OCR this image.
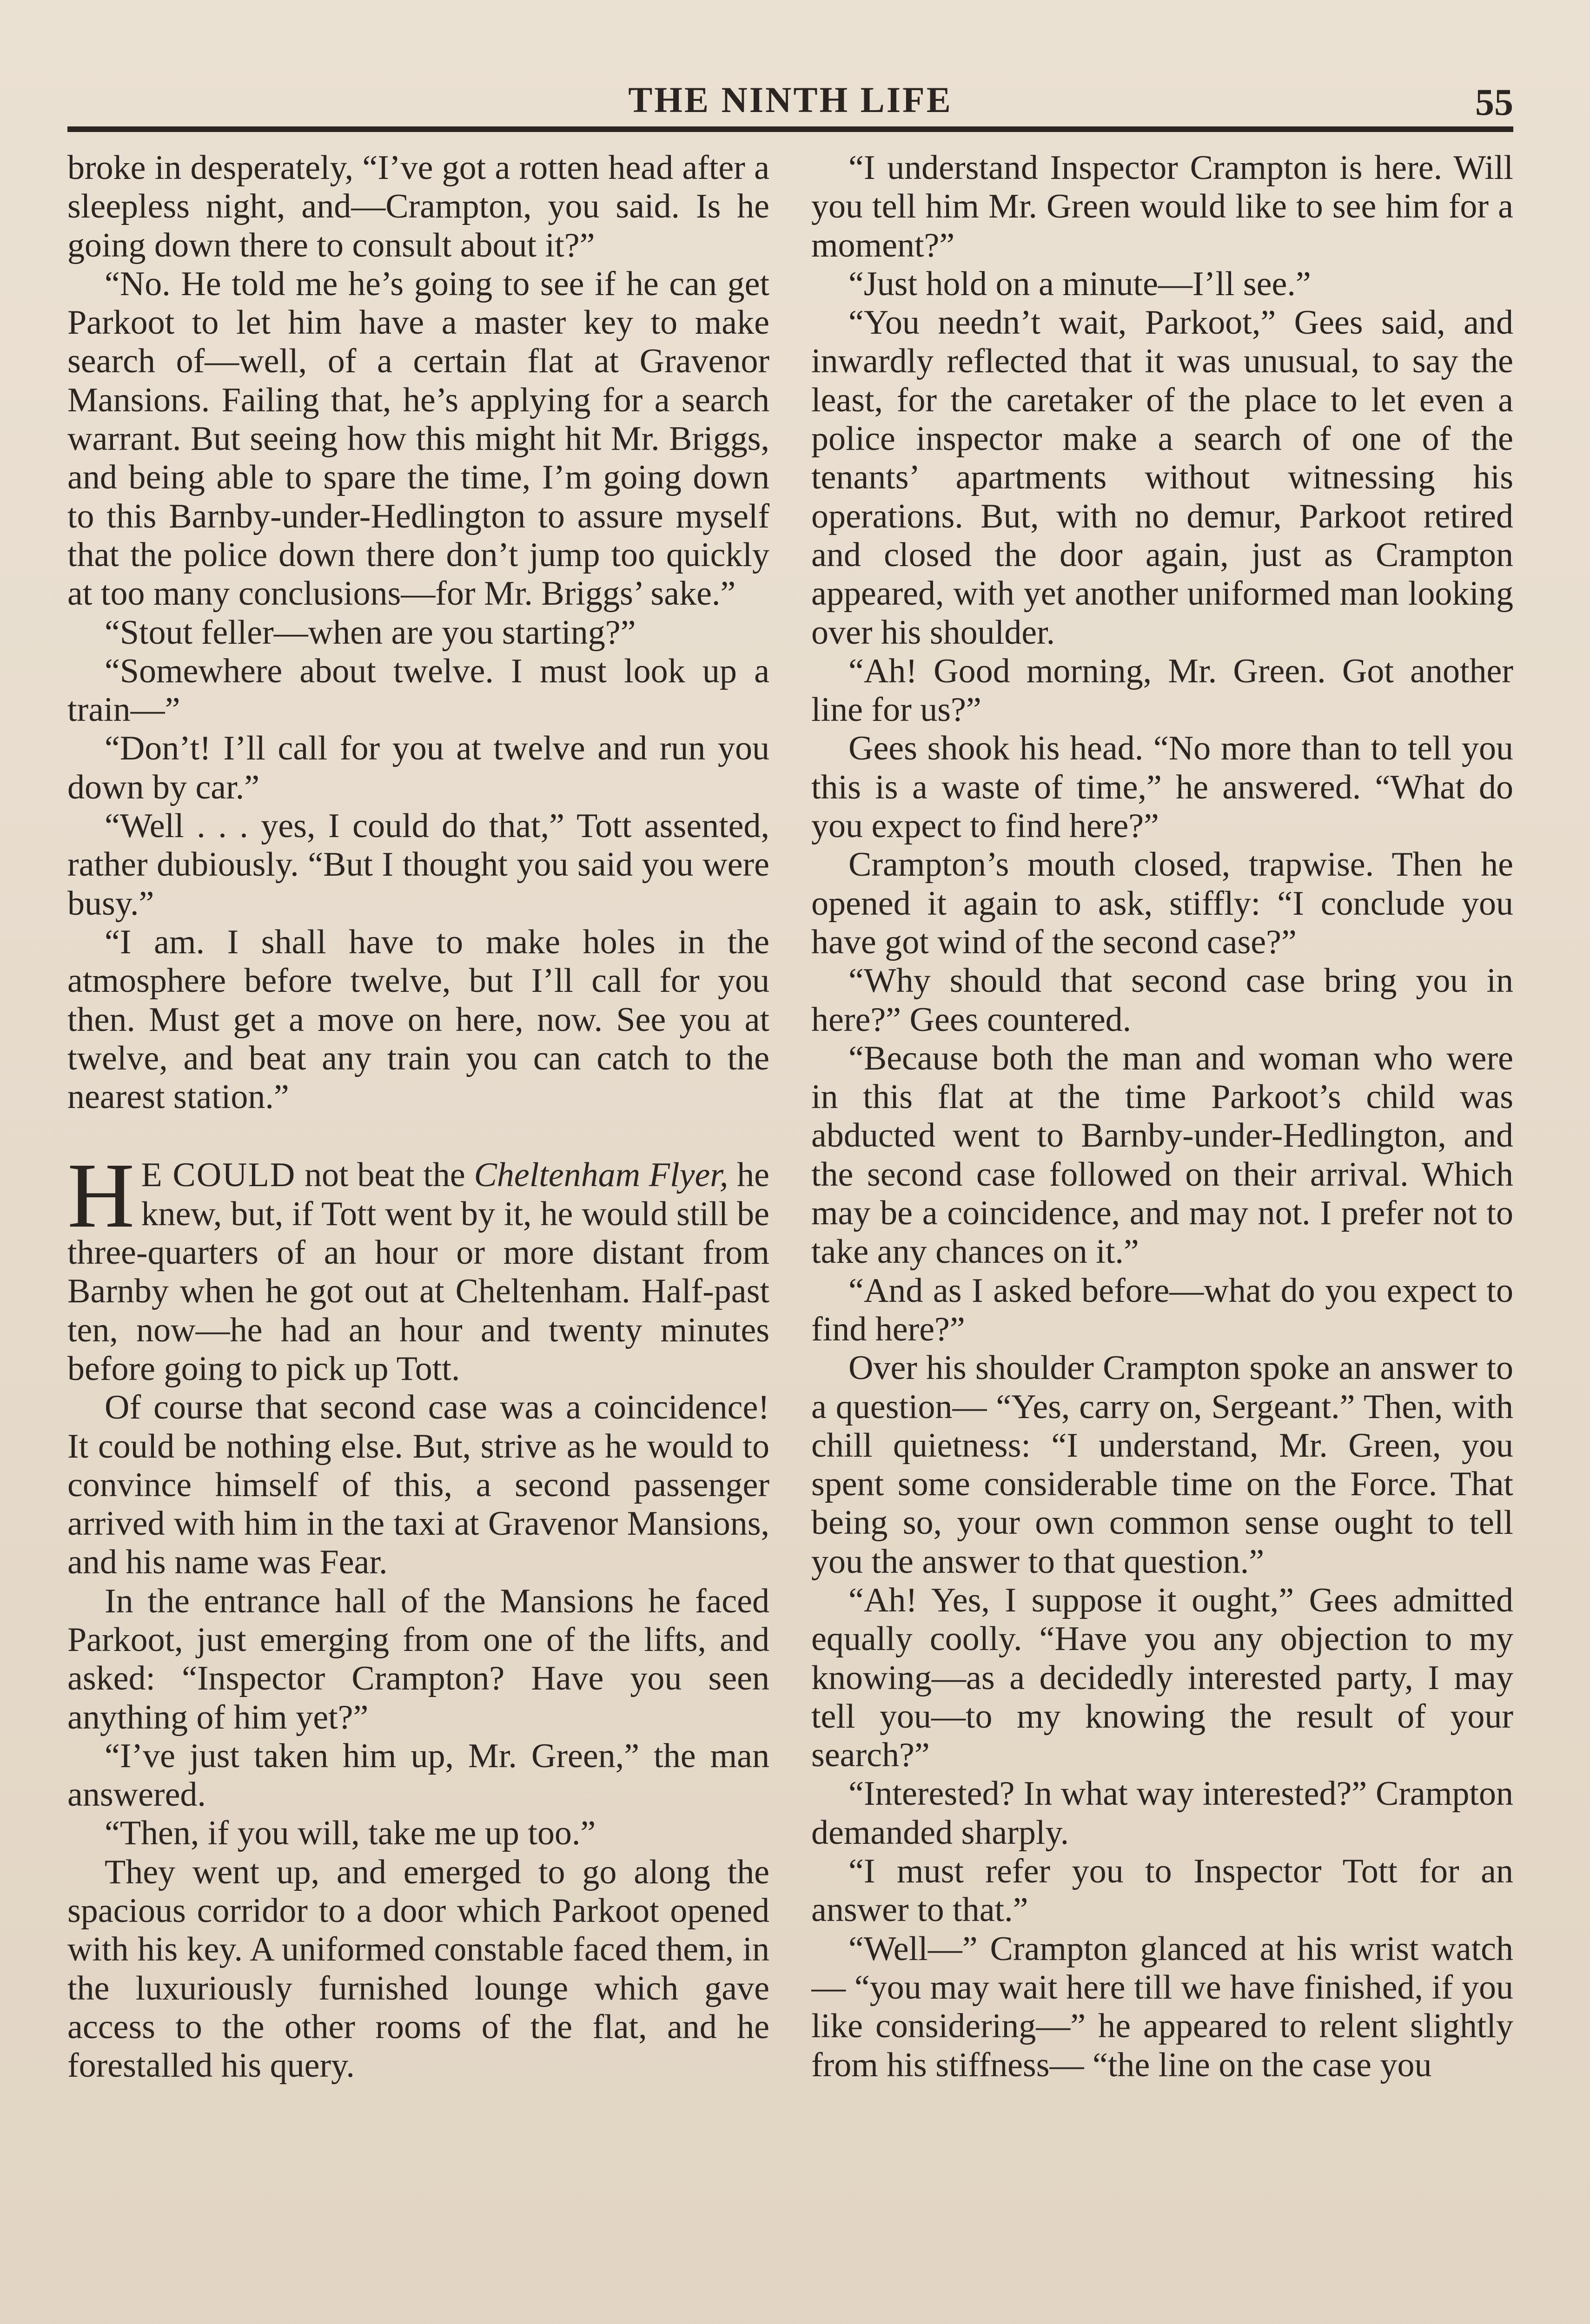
THE NINTH LIFE	55

broke in desperately, “I’ve got a rotten head after a sleepless night, and—Crampton, you said. Is he going down there to consult about it?”

“No. He told me he’s going to see if he can get Parkoot to let him have a master key to make search of—well, of a certain flat at Gravenor Mansions. Failing that, he’s applying for a search warrant. But seeing how this might hit Mr. Briggs, and being able to spare the time, I’m going down to this Barnby-under-Hedlington to assure myself that the police down there don’t jump too quickly at too many conclusions—for Mr. Briggs’ sake.”

“Stout feller—when are you starting?”

“Somewhere about twelve. I must look up a train—”

“Don’t! I’ll call for you at twelve and run you down by car.”

“Well . . . yes, I could do that,” Tott assented, rather dubiously. “But I thought you said you were busy.”

“I am. I shall have to make holes in the atmosphere before twelve, but I’ll call for you then. Must get a move on here, now. See you at twelve, and beat any train you can catch to the nearest station.”

H E COULD not beat the Cheltenham Flyer, he knew, but, if Tott went by it, he would still be three-quarters of an hour or more distant from Barnby when he got out at Cheltenham. Half-past ten, now—he had an hour and twenty minutes before going to pick up Tott.

Of course that second case was a coincidence! It could be nothing else. But, strive as he would to convince himself of this, a second passenger arrived with him in the taxi at Gravenor Mansions, and his name was Fear.

In the entrance hall of the Mansions he faced Parkoot, just emerging from one of the lifts, and asked: “Inspector Crampton? Have you seen anything of him yet?”

“I’ve just taken him up, Mr. Green,” the man answered.

“Then, if you will, take me up too.”

They went up, and emerged to go along the spacious corridor to a door which Parkoot opened with his key. A uniformed constable faced them, in the luxuriously furnished lounge which gave access to the other rooms of the flat, and he forestalled his query.

“I understand Inspector Crampton is here. Will you tell him Mr. Green would like to see him for a moment?”

“Just hold on a minute—I’ll see.”

“You needn’t wait, Parkoot,” Gees said, and inwardly reflected that it was unusual, to say the least, for the caretaker of the place to let even a police inspector make a search of one of the tenants’ apartments without witnessing his operations. But, with no demur, Parkoot retired and closed the door again, just as Crampton appeared, with yet another uniformed man looking over his shoulder.

“Ah! Good morning, Mr. Green. Got another line for us?”

Gees shook his head. “No more than to tell you this is a waste of time,” he answered. “What do you expect to find here?”

Crampton’s mouth closed, trapwise. Then he opened it again to ask, stiffly: “I conclude you have got wind of the second case?”

“Why should that second case bring you in here?” Gees countered.

“Because both the man and woman who were in this flat at the time Parkoot’s child was abducted went to Barnby-under-Hedlington, and the second case followed on their arrival. Which may be a coincidence, and may not. I prefer not to take any chances on it.”

“And as I asked before—what do you expect to find here?”

Over his shoulder Crampton spoke an answer to a question— “Yes, carry on, Sergeant.” Then, with chill quietness: “I understand, Mr. Green, you spent some considerable time on the Force. That being so, your own common sense ought to tell you the answer to that question.”

“Ah! Yes, I suppose it ought,” Gees admitted equally coolly. “Have you any objection to my knowing—as a decidedly interested party, I may tell you—to my knowing the result of your search?”

“Interested? In what way interested?” Crampton demanded sharply.

“I must refer you to Inspector Tott for an answer to that.”

“Well—” Crampton glanced at his wrist watch— “you may wait here till we have finished, if you like considering—” he appeared to relent slightly from his stiffness— “the line on the case you
